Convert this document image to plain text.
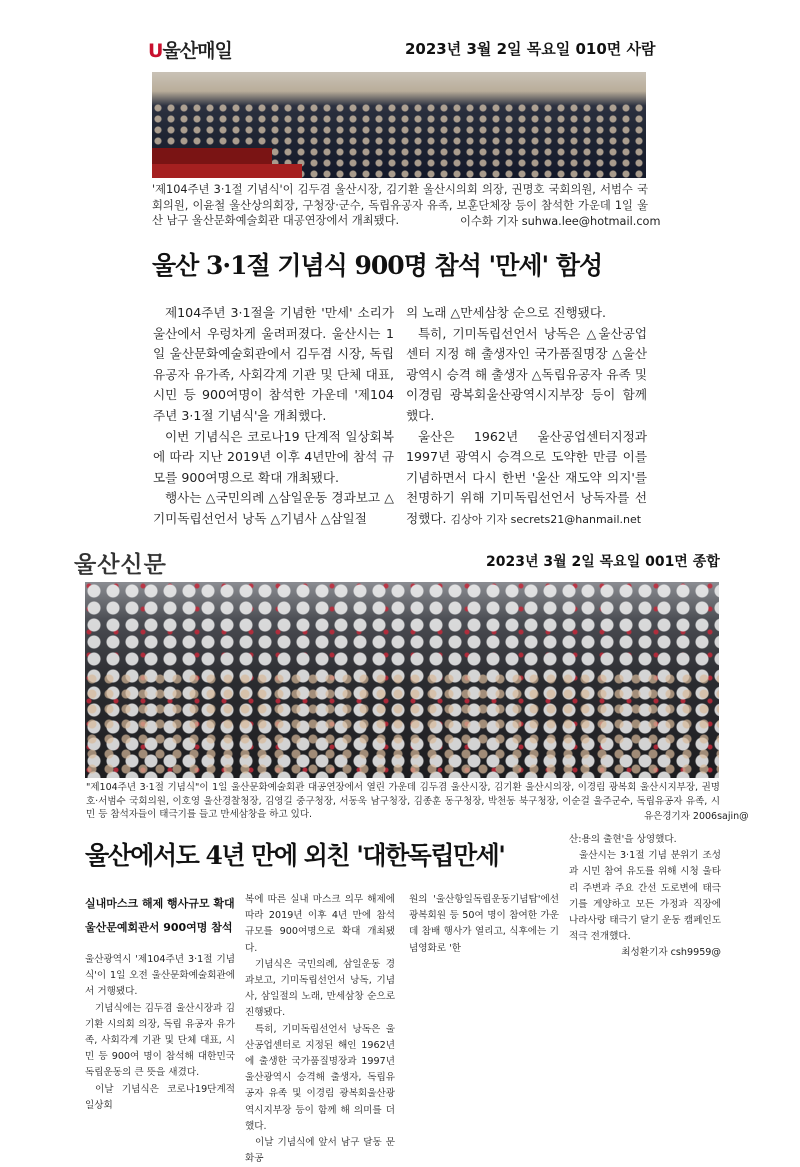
U울산매일	2023년 3월 2일 목요일 010면 사람
'제104주년 3·1절 기념식'이 김두겸 울산시장, 김기환 울산시의회 의장, 권명호 국회의원, 서범수 국회의원, 이윤철 울산상의회장, 구청장·군수, 독립유공자 유족, 보훈단체장 등이 참석한 가운데 1일 울산 남구 울산문화예술회관 대공연장에서 개최됐다.	이수화 기자 suhwa.lee@hotmail.com
울산 3·1절 기념식 900명 참석 '만세' 함성

제104주년 3·1절을 기념한 '만세' 소리가 울산에서 우렁차게 울려퍼졌다. 울산시는 1일 울산문화예술회관에서 김두겸 시장, 독립유공자 유가족, 사회각계 기관 및 단체 대표, 시민 등 900여명이 참석한 가운데 '제104주년 3·1절 기념식'을 개최했다.

이번 기념식은 코로나19 단계적 일상회복에 따라 지난 2019년 이후 4년만에 참석 규모를 900여명으로 확대 개최됐다.

행사는 △국민의례 △삼일운동 경과보고 △기미독립선언서 낭독 △기념사 △삼일절

의 노래 △만세삼창 순으로 진행됐다.

특히, 기미독립선언서 낭독은 △울산공업센터 지정 해 출생자인 국가품질명장 △울산광역시 승격 해 출생자 △독립유공자 유족 및 이경림 광복회울산광역시지부장 등이 함께 했다.

울산은 1962년 울산공업센터지정과 1997년 광역시 승격으로 도약한 만큼 이를 기념하면서 다시 한번 '울산 재도약 의지'를 천명하기 위해 기미독립선언서 낭독자를 선정했다. 김상아 기자 secrets21@hanmail.net

울산신문	2023년 3월 2일 목요일 001면 종합
"제104주년 3·1절 기념식"이 1일 울산문화예술회관 대공연장에서 열린 가운데 김두겸 울산시장, 김기환 울산시의장, 이경림 광복회 울산시지부장, 권명호·서범수 국회의원, 이호영 울산경찰청장, 김영길 중구청장, 서동욱 남구청장, 김종훈 동구청장, 박천동 북구청장, 이순걸 울주군수, 독립유공자 유족, 시민 등 참석자들이 태극기를 들고 만세삼창을 하고 있다.	유은경기자 2006sajin@
울산에서도 4년 만에 외친 '대한독립만세'
실내마스크 해제 행사규모 확대
울산문예회관서 900여명 참석

울산광역시 '제104주년 3·1절 기념식'이 1일 오전 울산문화예술회관에서 거행됐다.

기념식에는 김두겸 울산시장과 김기환 시의회 의장, 독립 유공자 유가족, 사회각계 기관 및 단체 대표, 시민 등 900여 명이 참석해 대한민국 독립운동의 큰 뜻을 새겼다.

이날 기념식은 코로나19단계적 일상회

복에 따른 실내 마스크 의무 해제에 따라 2019년 이후 4년 만에 참석 규모를 900여명으로 확대 개최됐다.

기념식은 국민의례, 삼일운동 경과보고, 기미독립선언서 낭독, 기념사, 삼일절의 노래, 만세삼창 순으로 진행됐다.

특히, 기미독립선언서 낭독은 울산공업센터로 지정된 해인 1962년에 출생한 국가품질명장과 1997년 울산광역시 승격해 출생자, 독립유공자 유족 및 이경림 광복회울산광역시지부장 등이 함께 해 의미를 더했다.

이날 기념식에 앞서 남구 달동 문화공

원의 '울산항일독립운동기념탑'에선 광복회원 등 50여 명이 참여한 가운데 참배 행사가 열리고, 식후에는 기념영화로 '한

산:용의 출현'을 상영했다.

울산시는 3·1절 기념 분위기 조성과 시민 참여 유도를 위해 시청 울타리 주변과 주요 간선 도로변에 태극기를 게양하고 모든 가정과 직장에 나라사랑 태극기 달기 운동 캠페인도 적극 전개했다.

최성환기자 csh9959@
